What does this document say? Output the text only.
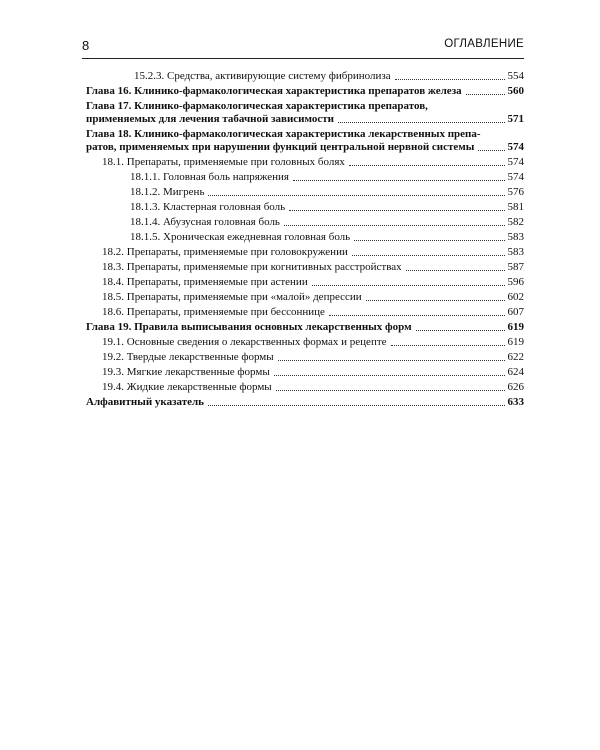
8	ОГЛАВЛЕНИЕ
15.2.3. Средства, активирующие систему фибринолиза	554
Глава 16. Клинико-фармакологическая характеристика препаратов железа	560
Глава 17. Клинико-фармакологическая характеристика препаратов,
применяемых для лечения табачной зависимости	571
Глава 18. Клинико-фармакологическая характеристика лекарственных препа-
ратов, применяемых при нарушении функций центральной нервной системы	574
18.1. Препараты, применяемые при головных болях	574
18.1.1. Головная боль напряжения	574
18.1.2. Мигрень	576
18.1.3. Кластерная головная боль	581
18.1.4. Абузусная головная боль	582
18.1.5. Хроническая ежедневная головная боль	583
18.2. Препараты, применяемые при головокружении	583
18.3. Препараты, применяемые при когнитивных расстройствах	587
18.4. Препараты, применяемые при астении	596
18.5. Препараты, применяемые при «малой» депрессии	602
18.6. Препараты, применяемые при бессоннице	607
Глава 19. Правила выписывания основных лекарственных форм	619
19.1. Основные сведения о лекарственных формах и рецепте	619
19.2. Твердые лекарственные формы	622
19.3. Мягкие лекарственные формы	624
19.4. Жидкие лекарственные формы	626
Алфавитный указатель	633
